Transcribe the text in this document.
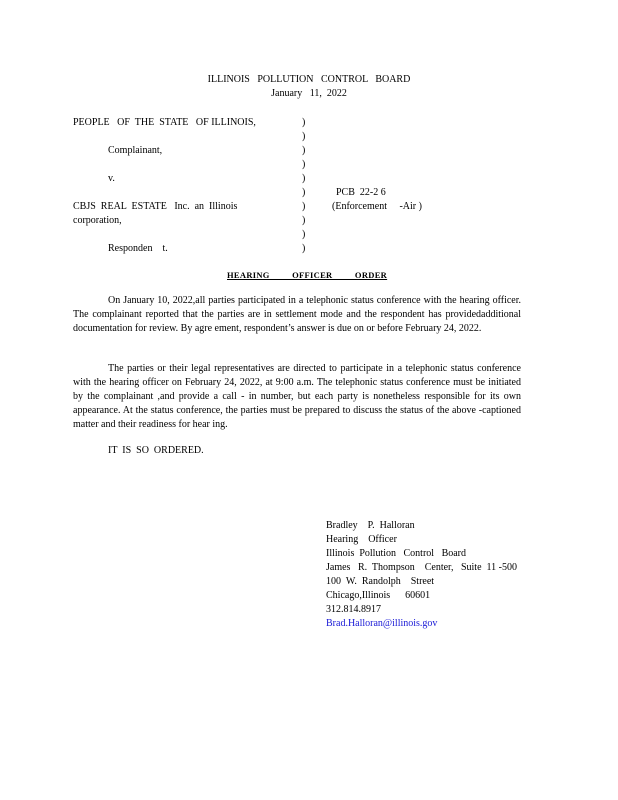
ILLINOIS   POLLUTION   CONTROL   BOARD
January   11,  2022
PEOPLE   OF  THE  STATE   OF ILLINOIS,
Complainant,
v.
CBJS  REAL  ESTATE   Inc.  an  Illinois
corporation,
Responden    t.
)
)
)
)
)
)
)
)
)
)
PCB  22-2 6
(Enforcement     -Air )
HEARING OFFICER ORDER
On January 10, 2022,all parties participated in a telephonic status conference with the hearing officer. The complainant reported that the parties are in settlement mode and the respondent has providedadditional documentation for review. By agre ement, respondent’s answer is due on or before February 24, 2022.
The parties or their legal representatives are directed to participate in a telephonic status conference with the hearing officer on February 24, 2022, at 9:00 a.m. The telephonic status conference must be initiated by the complainant ,and provide a call - in number, but each party is nonetheless responsible for its own appearance. At the status conference, the parties must be prepared to discuss the status of the above -captioned matter and their readiness for hear ing.
IT  IS  SO  ORDERED.
Bradley    P.  Halloran
Hearing    Officer
Illinois  Pollution   Control   Board
James   R.  Thompson    Center,   Suite  11 -500
100  W.  Randolph    Street
Chicago,Illinois      60601
312.814.8917
Brad.Halloran@illinois.gov
